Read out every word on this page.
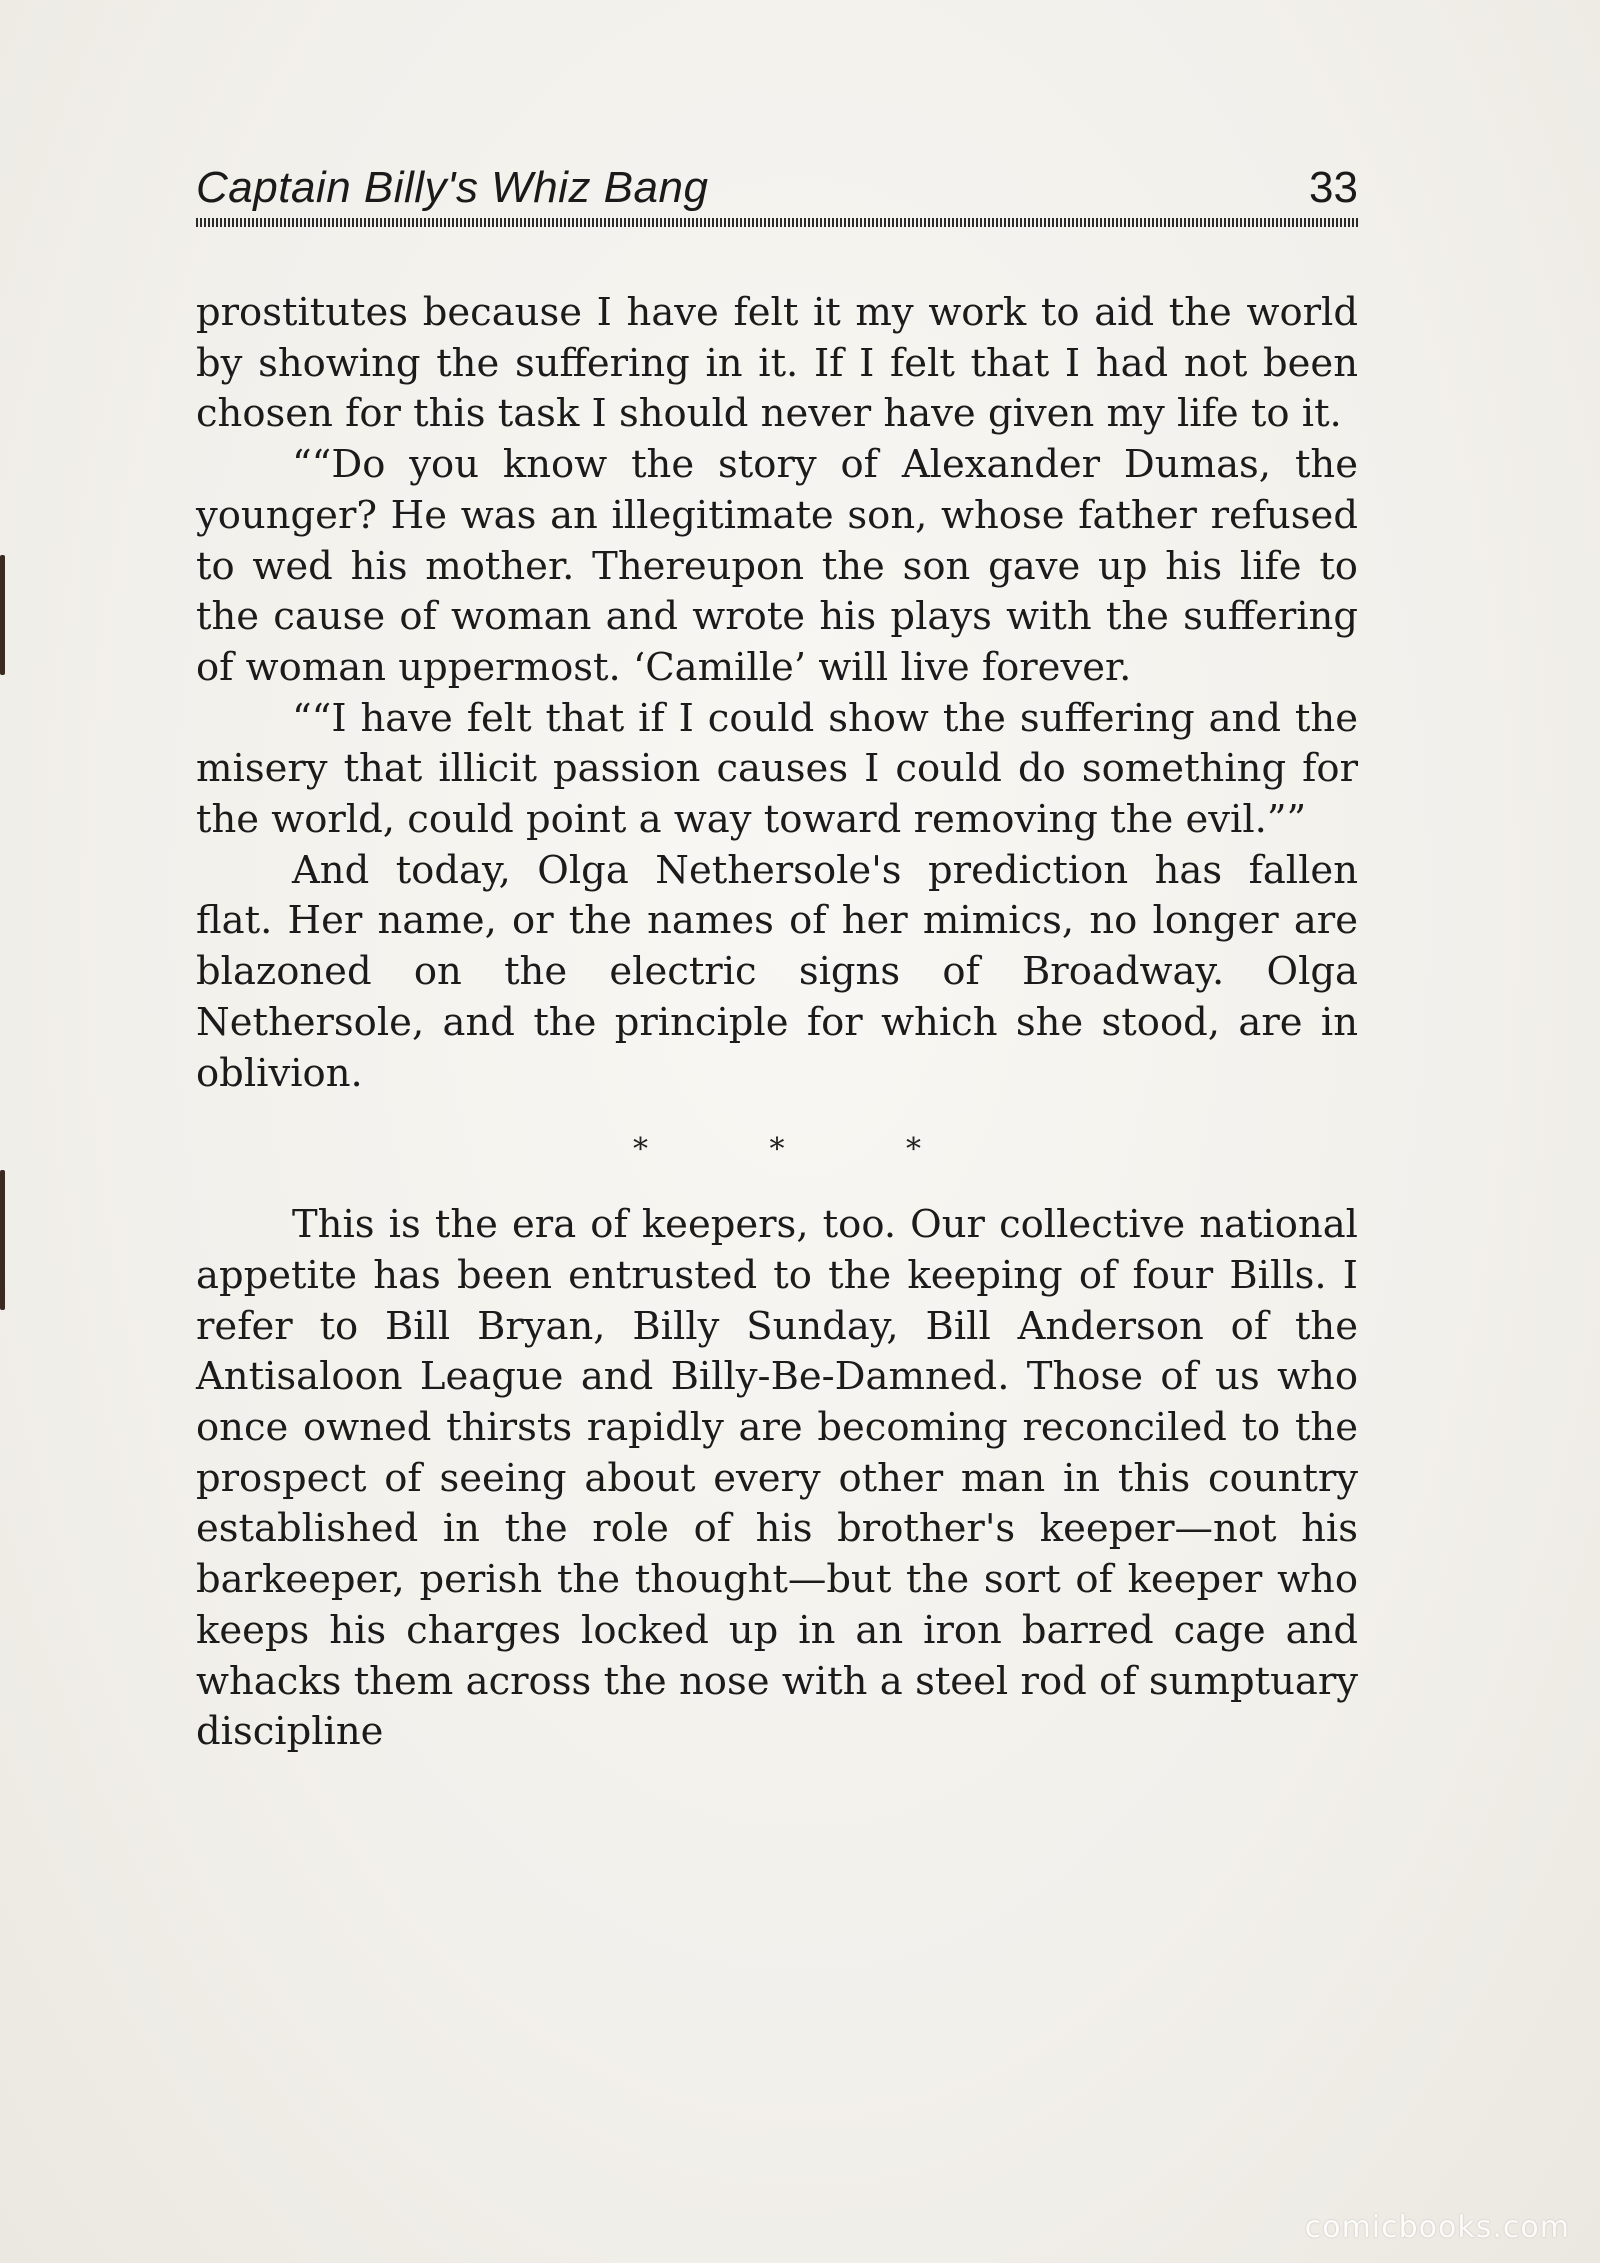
Captain Billy's Whiz Bang	33

prostitutes because I have felt it my work to aid the world by showing the suffering in it. If I felt that I had not been chosen for this task I should never have given my life to it.

““Do you know the story of Alexander Dumas, the younger? He was an illegitimate son, whose father refused to wed his mother. Thereupon the son gave up his life to the cause of woman and wrote his plays with the suffering of woman uppermost. ‘Camille’ will live forever.

““I have felt that if I could show the suffering and the misery that illicit passion causes I could do something for the world, could point a way toward removing the evil.””

And today, Olga Nethersole's prediction has fallen flat. Her name, or the names of her mimics, no longer are blazoned on the electric signs of Broadway. Olga Nethersole, and the principle for which she stood, are in oblivion.

* * *

This is the era of keepers, too. Our collective national appetite has been entrusted to the keeping of four Bills. I refer to Bill Bryan, Billy Sunday, Bill Anderson of the Antisaloon League and Billy-Be-Damned. Those of us who once owned thirsts rapidly are becoming reconciled to the prospect of seeing about every other man in this country established in the role of his brother's keeper—not his barkeeper, perish the thought—but the sort of keeper who keeps his charges locked up in an iron barred cage and whacks them across the nose with a steel rod of sumptuary discipline

comicbooks.com
